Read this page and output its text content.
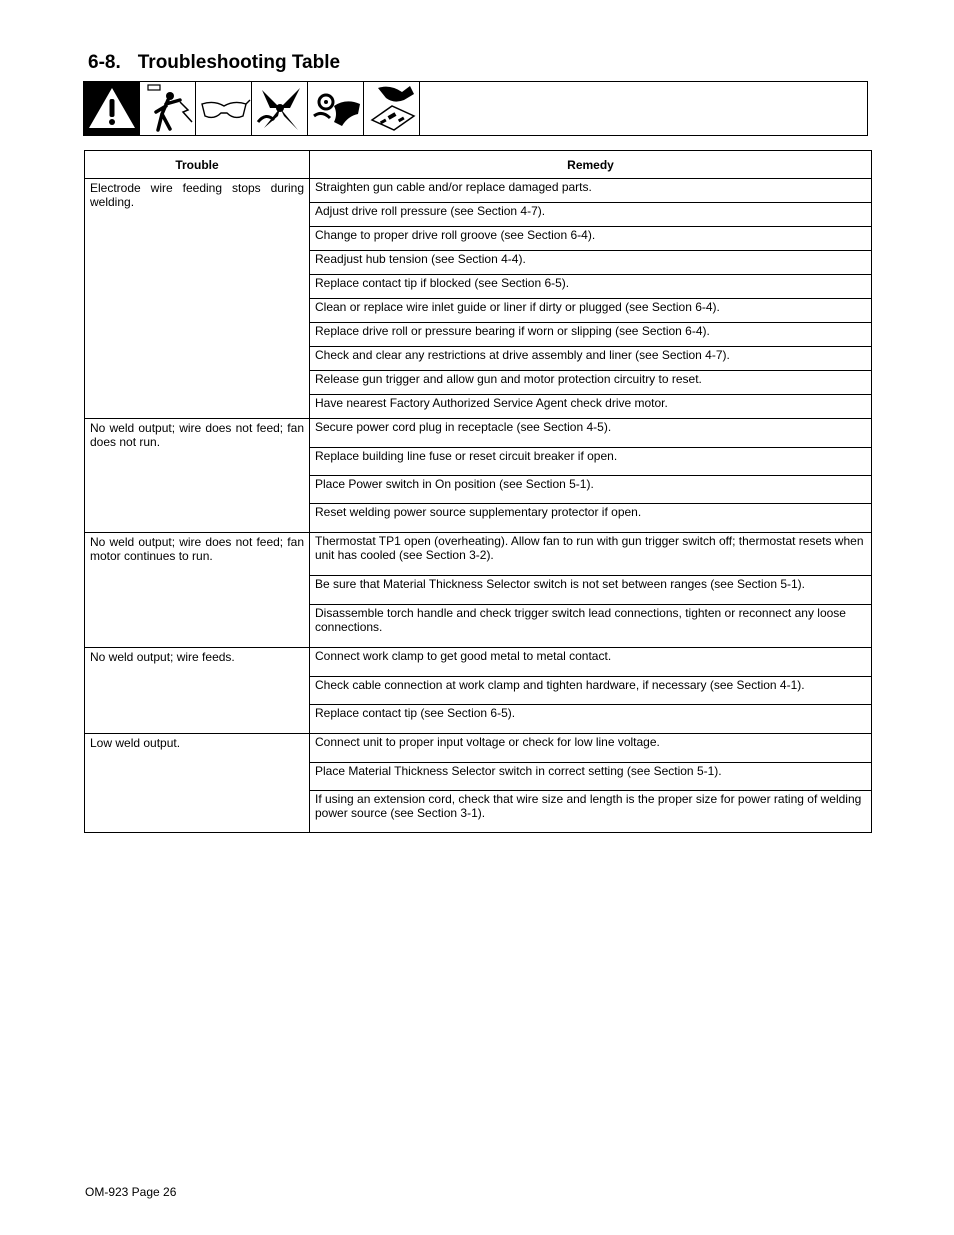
6-8. Troubleshooting Table
Trouble	Remedy
Electrode wire feeding stops during welding.	Straighten gun cable and/or replace damaged parts.
	Adjust drive roll pressure (see Section 4-7).
	Change to proper drive roll groove (see Section 6-4).
	Readjust hub tension (see Section 4-4).
	Replace contact tip if blocked (see Section 6-5).
	Clean or replace wire inlet guide or liner if dirty or plugged (see Section 6-4).
	Replace drive roll or pressure bearing if worn or slipping (see Section 6-4).
	Check and clear any restrictions at drive assembly and liner (see Section 4-7).
	Release gun trigger and allow gun and motor protection circuitry to reset.
	Have nearest Factory Authorized Service Agent check drive motor.
No weld output; wire does not feed; fan does not run.	Secure power cord plug in receptacle (see Section 4-5).
	Replace building line fuse or reset circuit breaker if open.
	Place Power switch in On position (see Section 5-1).
	Reset welding power source supplementary protector if open.
No weld output; wire does not feed; fan motor continues to run.	Thermostat TP1 open (overheating). Allow fan to run with gun trigger switch off; thermostat resets when unit has cooled (see Section 3-2).
	Be sure that Material Thickness Selector switch is not set between ranges (see Section 5-1).
	Disassemble torch handle and check trigger switch lead connections, tighten or reconnect any loose connections.
No weld output; wire feeds.	Connect work clamp to get good metal to metal contact.
	Check cable connection at work clamp and tighten hardware, if necessary (see Section 4-1).
	Replace contact tip (see Section 6-5).
Low weld output.	Connect unit to proper input voltage or check for low line voltage.
	Place Material Thickness Selector switch in correct setting (see Section 5-1).
	If using an extension cord, check that wire size and length is the proper size for power rating of welding power source (see Section 3-1).
OM-923 Page 26
